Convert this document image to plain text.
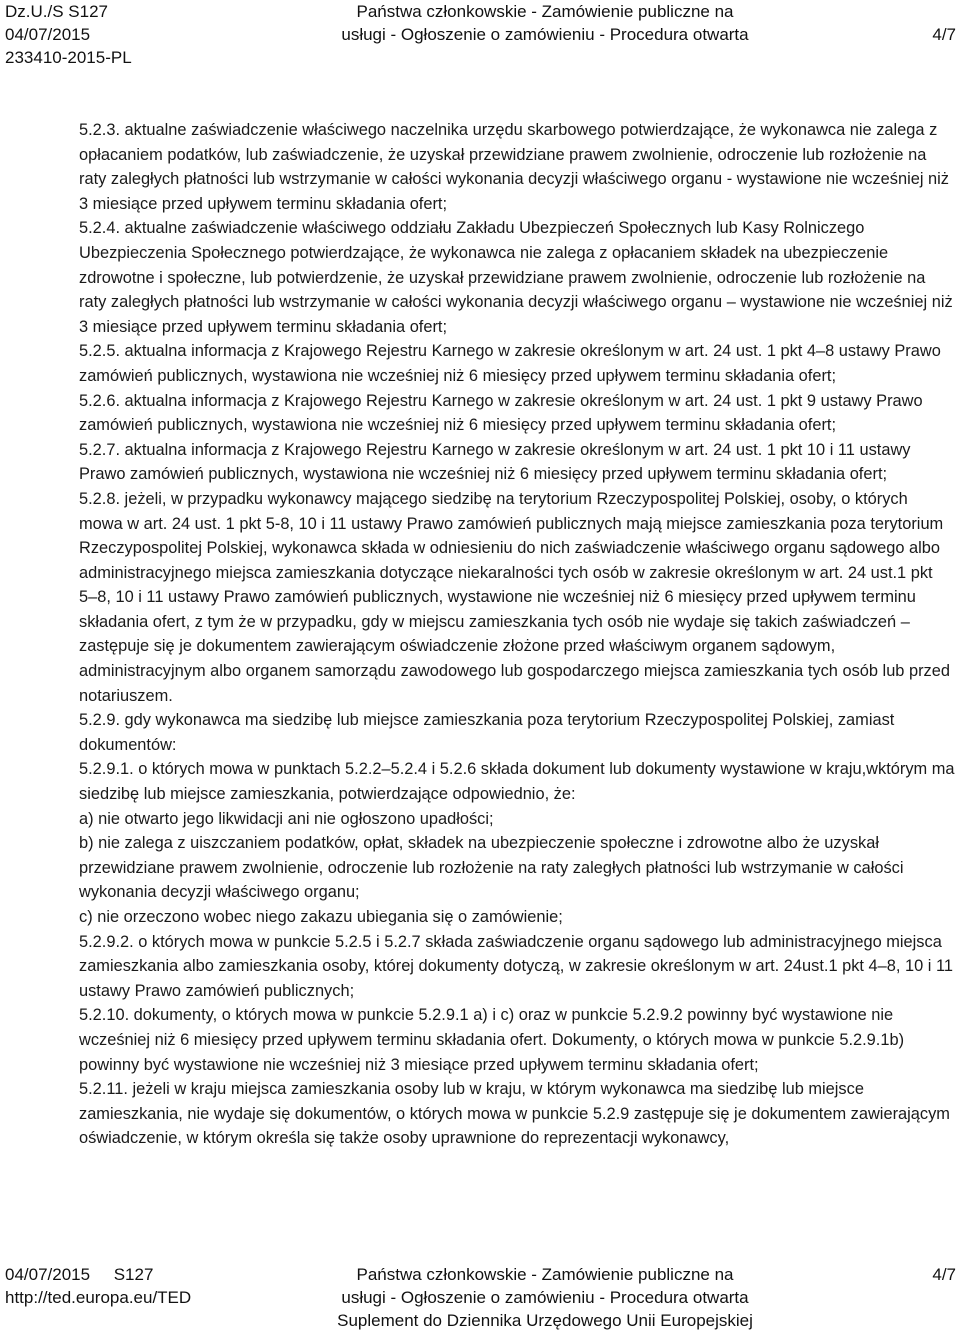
Dz.U./S S127
04/07/2015
233410-2015-PL
Państwa członkowskie - Zamówienie publiczne na
usługi - Ogłoszenie o zamówieniu - Procedura otwarta	4/7

5.2.3. aktualne zaświadczenie właściwego naczelnika urzędu skarbowego potwierdzające, że wykonawca nie zalega z opłacaniem podatków, lub zaświadczenie, że uzyskał przewidziane prawem zwolnienie, odroczenie lub rozłożenie na raty zaległych płatności lub wstrzymanie w całości wykonania decyzji właściwego organu - wystawione nie wcześniej niż 3 miesiące przed upływem terminu składania ofert;

5.2.4. aktualne zaświadczenie właściwego oddziału Zakładu Ubezpieczeń Społecznych lub Kasy Rolniczego Ubezpieczenia Społecznego potwierdzające, że wykonawca nie zalega z opłacaniem składek na ubezpieczenie zdrowotne i społeczne, lub potwierdzenie, że uzyskał przewidziane prawem zwolnienie, odroczenie lub rozłożenie na raty zaległych płatności lub wstrzymanie w całości wykonania decyzji właściwego organu – wystawione nie wcześniej niż 3 miesiące przed upływem terminu składania ofert;

5.2.5. aktualna informacja z Krajowego Rejestru Karnego w zakresie określonym w art. 24 ust. 1 pkt 4–8 ustawy Prawo zamówień publicznych, wystawiona nie wcześniej niż 6 miesięcy przed upływem terminu składania ofert;

5.2.6. aktualna informacja z Krajowego Rejestru Karnego w zakresie określonym w art. 24 ust. 1 pkt 9 ustawy Prawo zamówień publicznych, wystawiona nie wcześniej niż 6 miesięcy przed upływem terminu składania ofert;

5.2.7. aktualna informacja z Krajowego Rejestru Karnego w zakresie określonym w art. 24 ust. 1 pkt 10 i 11 ustawy Prawo zamówień publicznych, wystawiona nie wcześniej niż 6 miesięcy przed upływem terminu składania ofert;

5.2.8. jeżeli, w przypadku wykonawcy mającego siedzibę na terytorium Rzeczypospolitej Polskiej, osoby, o których mowa w art. 24 ust. 1 pkt 5-8, 10 i 11 ustawy Prawo zamówień publicznych mają miejsce zamieszkania poza terytorium Rzeczypospolitej Polskiej, wykonawca składa w odniesieniu do nich zaświadczenie właściwego organu sądowego albo administracyjnego miejsca zamieszkania dotyczące niekaralności tych osób w zakresie określonym w art. 24 ust.1 pkt 5–8, 10 i 11 ustawy Prawo zamówień publicznych, wystawione nie wcześniej niż 6 miesięcy przed upływem terminu składania ofert, z tym że w przypadku, gdy w miejscu zamieszkania tych osób nie wydaje się takich zaświadczeń – zastępuje się je dokumentem zawierającym oświadczenie złożone przed właściwym organem sądowym, administracyjnym albo organem samorządu zawodowego lub gospodarczego miejsca zamieszkania tych osób lub przed notariuszem.

5.2.9. gdy wykonawca ma siedzibę lub miejsce zamieszkania poza terytorium Rzeczypospolitej Polskiej, zamiast dokumentów:

5.2.9.1. o których mowa w punktach 5.2.2–5.2.4 i 5.2.6 składa dokument lub dokumenty wystawione w kraju,wktórym ma siedzibę lub miejsce zamieszkania, potwierdzające odpowiednio, że:

a) nie otwarto jego likwidacji ani nie ogłoszono upadłości;

b) nie zalega z uiszczaniem podatków, opłat, składek na ubezpieczenie społeczne i zdrowotne albo że uzyskał przewidziane prawem zwolnienie, odroczenie lub rozłożenie na raty zaległych płatności lub wstrzymanie w całości wykonania decyzji właściwego organu;

c) nie orzeczono wobec niego zakazu ubiegania się o zamówienie;

5.2.9.2. o których mowa w punkcie 5.2.5 i 5.2.7 składa zaświadczenie organu sądowego lub administracyjnego miejsca zamieszkania albo zamieszkania osoby, której dokumenty dotyczą, w zakresie określonym w art. 24ust.1 pkt 4–8, 10 i 11 ustawy Prawo zamówień publicznych;

5.2.10. dokumenty, o których mowa w punkcie 5.2.9.1 a) i c) oraz w punkcie 5.2.9.2 powinny być wystawione nie wcześniej niż 6 miesięcy przed upływem terminu składania ofert. Dokumenty, o których mowa w punkcie 5.2.9.1b) powinny być wystawione nie wcześniej niż 3 miesiące przed upływem terminu składania ofert;

5.2.11. jeżeli w kraju miejsca zamieszkania osoby lub w kraju, w którym wykonawca ma siedzibę lub miejsce zamieszkania, nie wydaje się dokumentów, o których mowa w punkcie 5.2.9 zastępuje się je dokumentem zawierającym oświadczenie, w którym określa się także osoby uprawnione do reprezentacji wykonawcy,

04/07/2015     S127
http://ted.europa.eu/TED
Państwa członkowskie - Zamówienie publiczne na
usługi - Ogłoszenie o zamówieniu - Procedura otwarta
Suplement do Dziennika Urzędowego Unii Europejskiej
4/7
